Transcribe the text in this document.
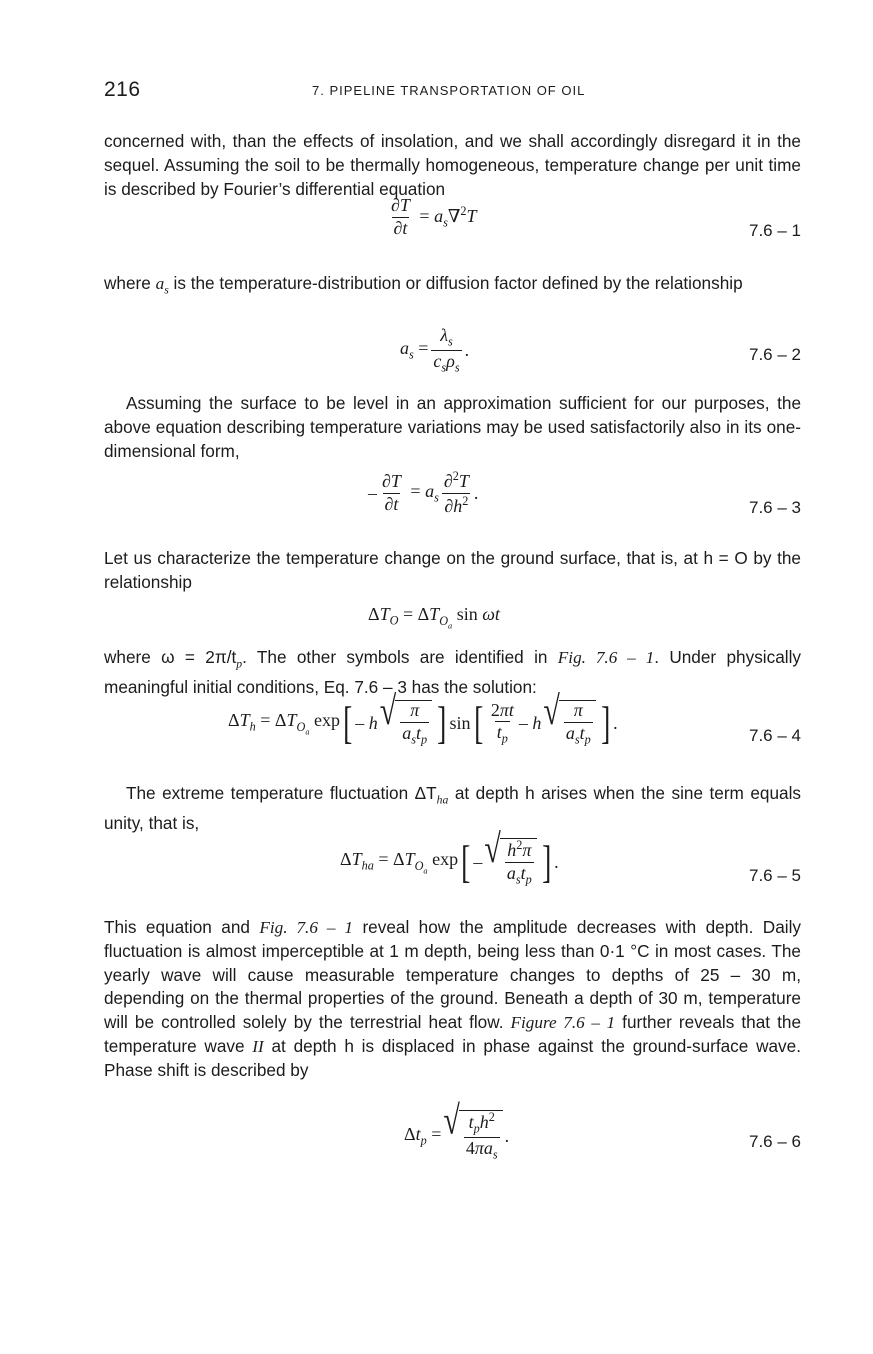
216	7. PIPELINE TRANSPORTATION OF OIL

concerned with, than the effects of insolation, and we shall accordingly disregard it in the sequel. Assuming the soil to be thermally homogeneous, temperature change per unit time is described by Fourier’s differential equation

$\frac{\partial T}{\partial t} = a_s\nabla^2T$
7.6 – 1

where $a_s$ is the temperature-distribution or diffusion factor defined by the relationship

$a_s = \frac{\lambda_s}{c_s\rho_s}$ .	7.6 – 2

Assuming the surface to be level in an approximation sufficient for our purposes, the above equation describing temperature variations may be used satisfactorily also in its one-dimensional form,

– $\frac{\partial T}{\partial t} = a_s \frac{\partial^2T}{\partial h^2}$ .
7.6 – 3

Let us characterize the temperature change on the ground surface, that is, at h = O by the relationship

$\Delta T_O = \Delta T_{O_a}$ sin ωt

where $\omega = 2\pi/t_p$. The other symbols are identified in Fig. 7.6 – 1. Under physically meaningful initial conditions, Eq. 7.6 – 3 has the solution:

$\Delta T_h = \Delta T_{O_a}$ exp [ – h √ $\frac{\pi}{a_st_p}$ ] sin [ $\frac{2\pi t}{t_p}$ – h √ $\frac{\pi}{a_st_p}$ ] .
7.6 – 4

The extreme temperature fluctuation $\Delta T_{ha}$ at depth h arises when the sine term equals unity, that is,

$\Delta T_{ha} = \Delta T_{O_a}$ exp [ – √ $\frac{h^2\pi}{a_st_p}$ ] .
7.6 – 5

This equation and Fig. 7.6 – 1 reveal how the amplitude decreases with depth. Daily fluctuation is almost imperceptible at 1 m depth, being less than 0·1 °C in most cases. The yearly wave will cause measurable temperature changes to depths of 25 – 30 m, depending on the thermal properties of the ground. Beneath a depth of 30 m, temperature will be controlled solely by the terrestrial heat flow. Figure 7.6 – 1 further reveals that the temperature wave II at depth h is displaced in phase against the ground-surface wave. Phase shift is described by

$\Delta t_p$ = √ $\frac{t_ph^2}{4\pi a_s}$ .	7.6 – 6
